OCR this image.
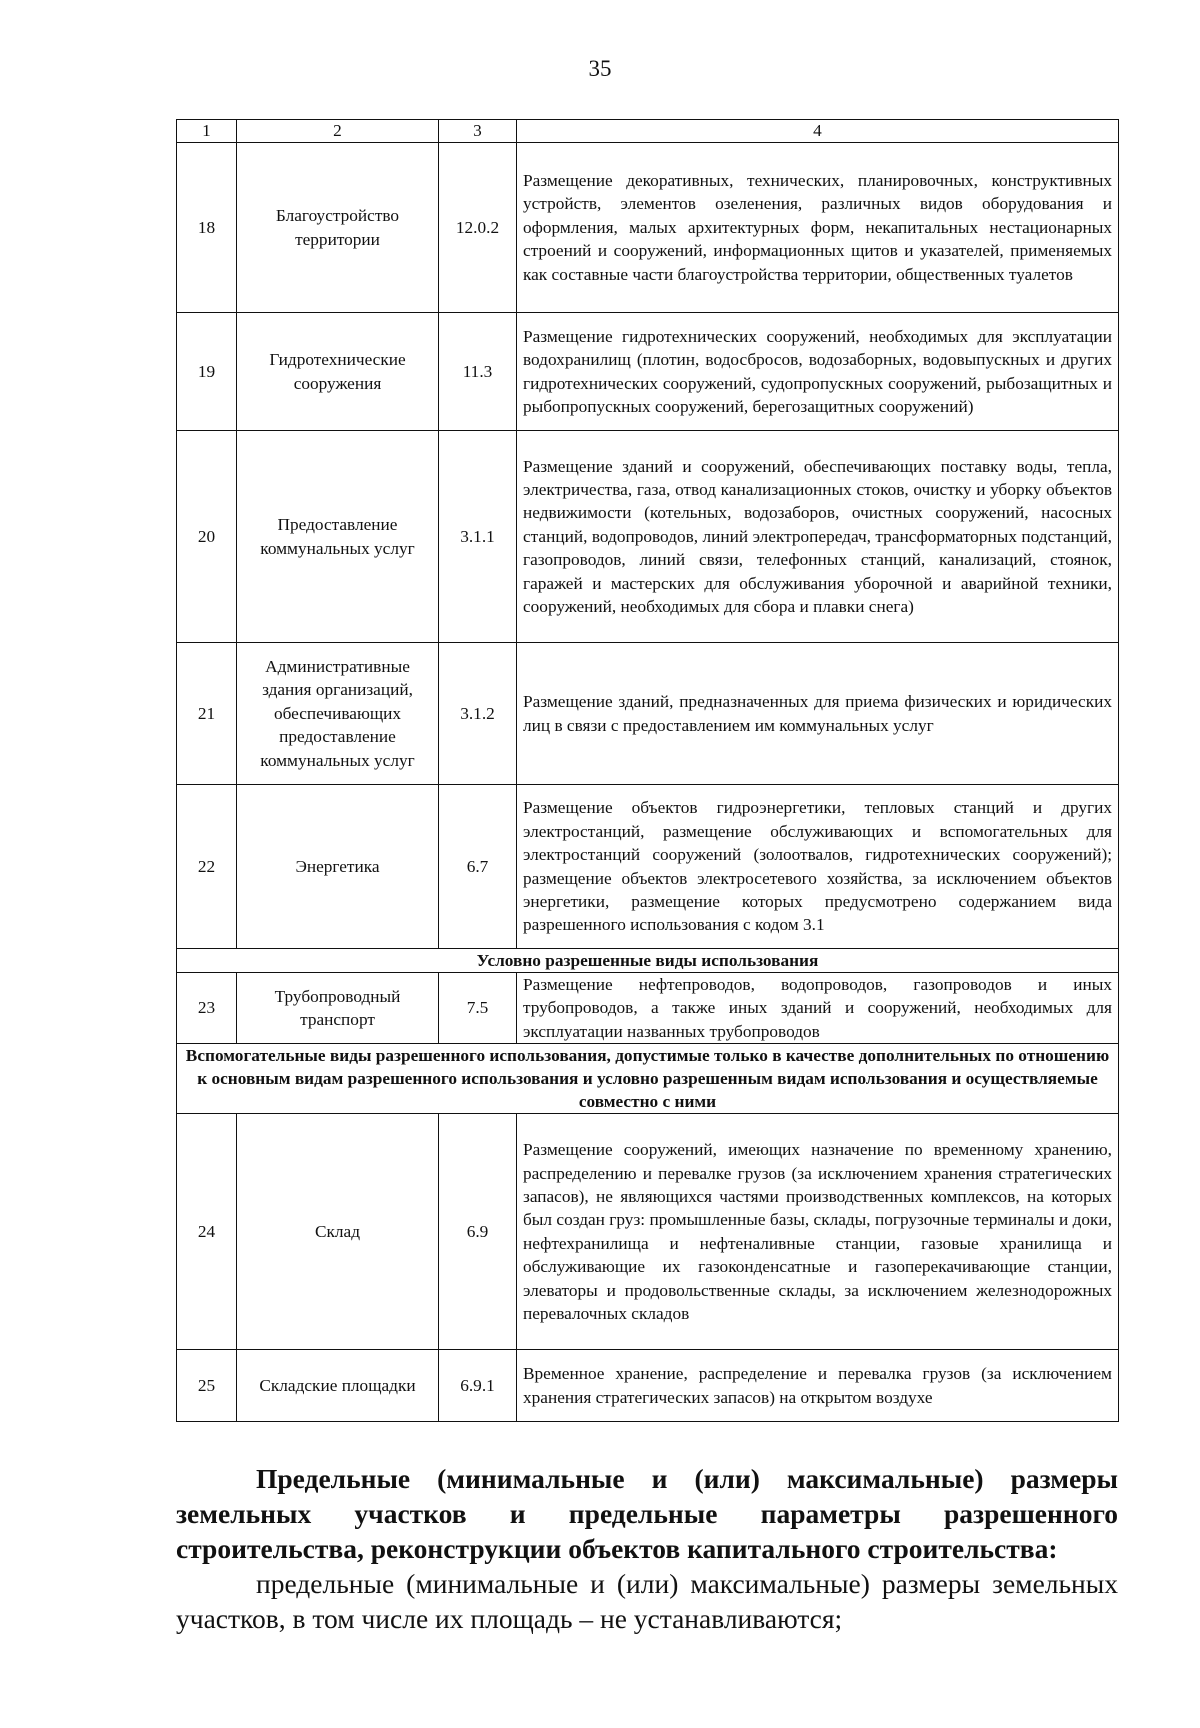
35
1	2	3	4
18	Благоустройство территории	12.0.2	Размещение декоративных, технических, планировочных, конструктивных устройств, элементов озеленения, различных видов оборудования и оформления, малых архитектурных форм, некапитальных нестационарных строений и сооружений, информационных щитов и указателей, применяемых как составные части благоустройства территории, общественных туалетов
19	Гидротехнические сооружения	11.3	Размещение гидротехнических сооружений, необходимых для эксплуатации водохранилищ (плотин, водосбросов, водозаборных, водовыпускных и других гидротехнических сооружений, судопропускных сооружений, рыбозащитных и рыбопропускных сооружений, берегозащитных сооружений)
20	Предоставление коммунальных услуг	3.1.1	Размещение зданий и сооружений, обеспечивающих поставку воды, тепла, электричества, газа, отвод канализационных стоков, очистку и уборку объектов недвижимости (котельных, водозаборов, очистных сооружений, насосных станций, водопроводов, линий электропередач, трансформаторных подстанций, газопроводов, линий связи, телефонных станций, канализаций, стоянок, гаражей и мастерских для обслуживания уборочной и аварийной техники, сооружений, необходимых для сбора и плавки снега)
21	Административные здания организаций, обеспечивающих предоставление коммунальных услуг	3.1.2	Размещение зданий, предназначенных для приема физических и юридических лиц в связи с предоставлением им коммунальных услуг
22	Энергетика	6.7	Размещение объектов гидроэнергетики, тепловых станций и других электростанций, размещение обслуживающих и вспомогательных для электростанций сооружений (золоотвалов, гидротехнических сооружений); размещение объектов электросетевого хозяйства, за исключением объектов энергетики, размещение которых предусмотрено содержанием вида разрешенного использования с кодом 3.1
Условно разрешенные виды использования			
23	Трубопроводный транспорт	7.5	Размещение нефтепроводов, водопроводов, газопроводов и иных трубопроводов, а также иных зданий и сооружений, необходимых для эксплуатации названных трубопроводов
Вспомогательные виды разрешенного использования, допустимые только в качестве дополнительных по отношению к основным видам разрешенного использования и условно разрешенным видам использования и осуществляемые совместно с ними			
24	Склад	6.9	Размещение сооружений, имеющих назначение по временному хранению, распределению и перевалке грузов (за исключением хранения стратегических запасов), не являющихся частями производственных комплексов, на которых был создан груз: промышленные базы, склады, погрузочные терминалы и доки, нефтехранилища и нефтеналивные станции, газовые хранилища и обслуживающие их газоконденсатные и газоперекачивающие станции, элеваторы и продовольственные склады, за исключением железнодорожных перевалочных складов
25	Складские площадки	6.9.1	Временное хранение, распределение и перевалка грузов (за исключением хранения стратегических запасов) на открытом воздухе

Предельные (минимальные и (или) максимальные) размеры земельных участков и предельные параметры разрешенного строительства, реконструкции объектов капитального строительства:

предельные (минимальные и (или) максимальные) размеры земельных участков, в том числе их площадь – не устанавливаются;
